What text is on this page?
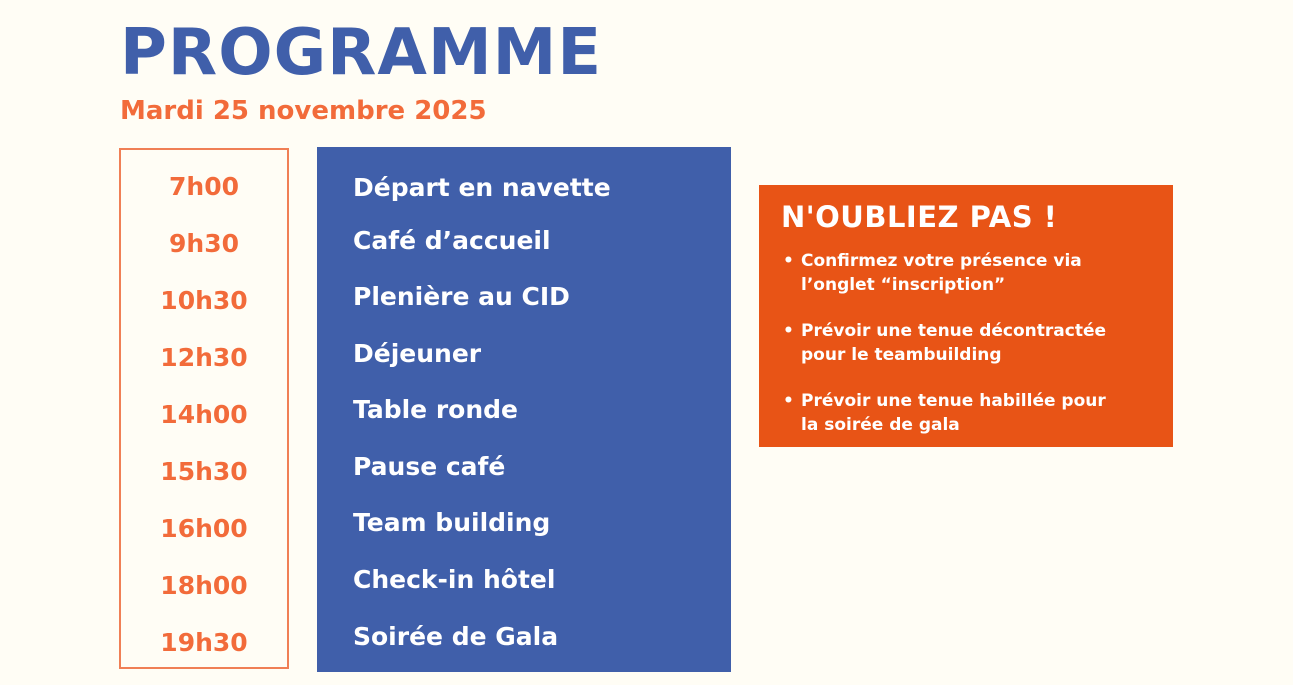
PROGRAMME
Mardi 25 novembre 2025
7h00
9h30
10h30
12h30
14h00
15h30
16h00
18h00
19h30
Départ en navette
Café d’accueil
Plenière au CID
Déjeuner
Table ronde
Pause café
Team building
Check-in hôtel
Soirée de Gala
N'OUBLIEZ PAS !
• Confirmez votre présence via l’onglet “inscription”
• Prévoir une tenue décontractée pour le teambuilding
• Prévoir une tenue habillée pour la soirée de gala
